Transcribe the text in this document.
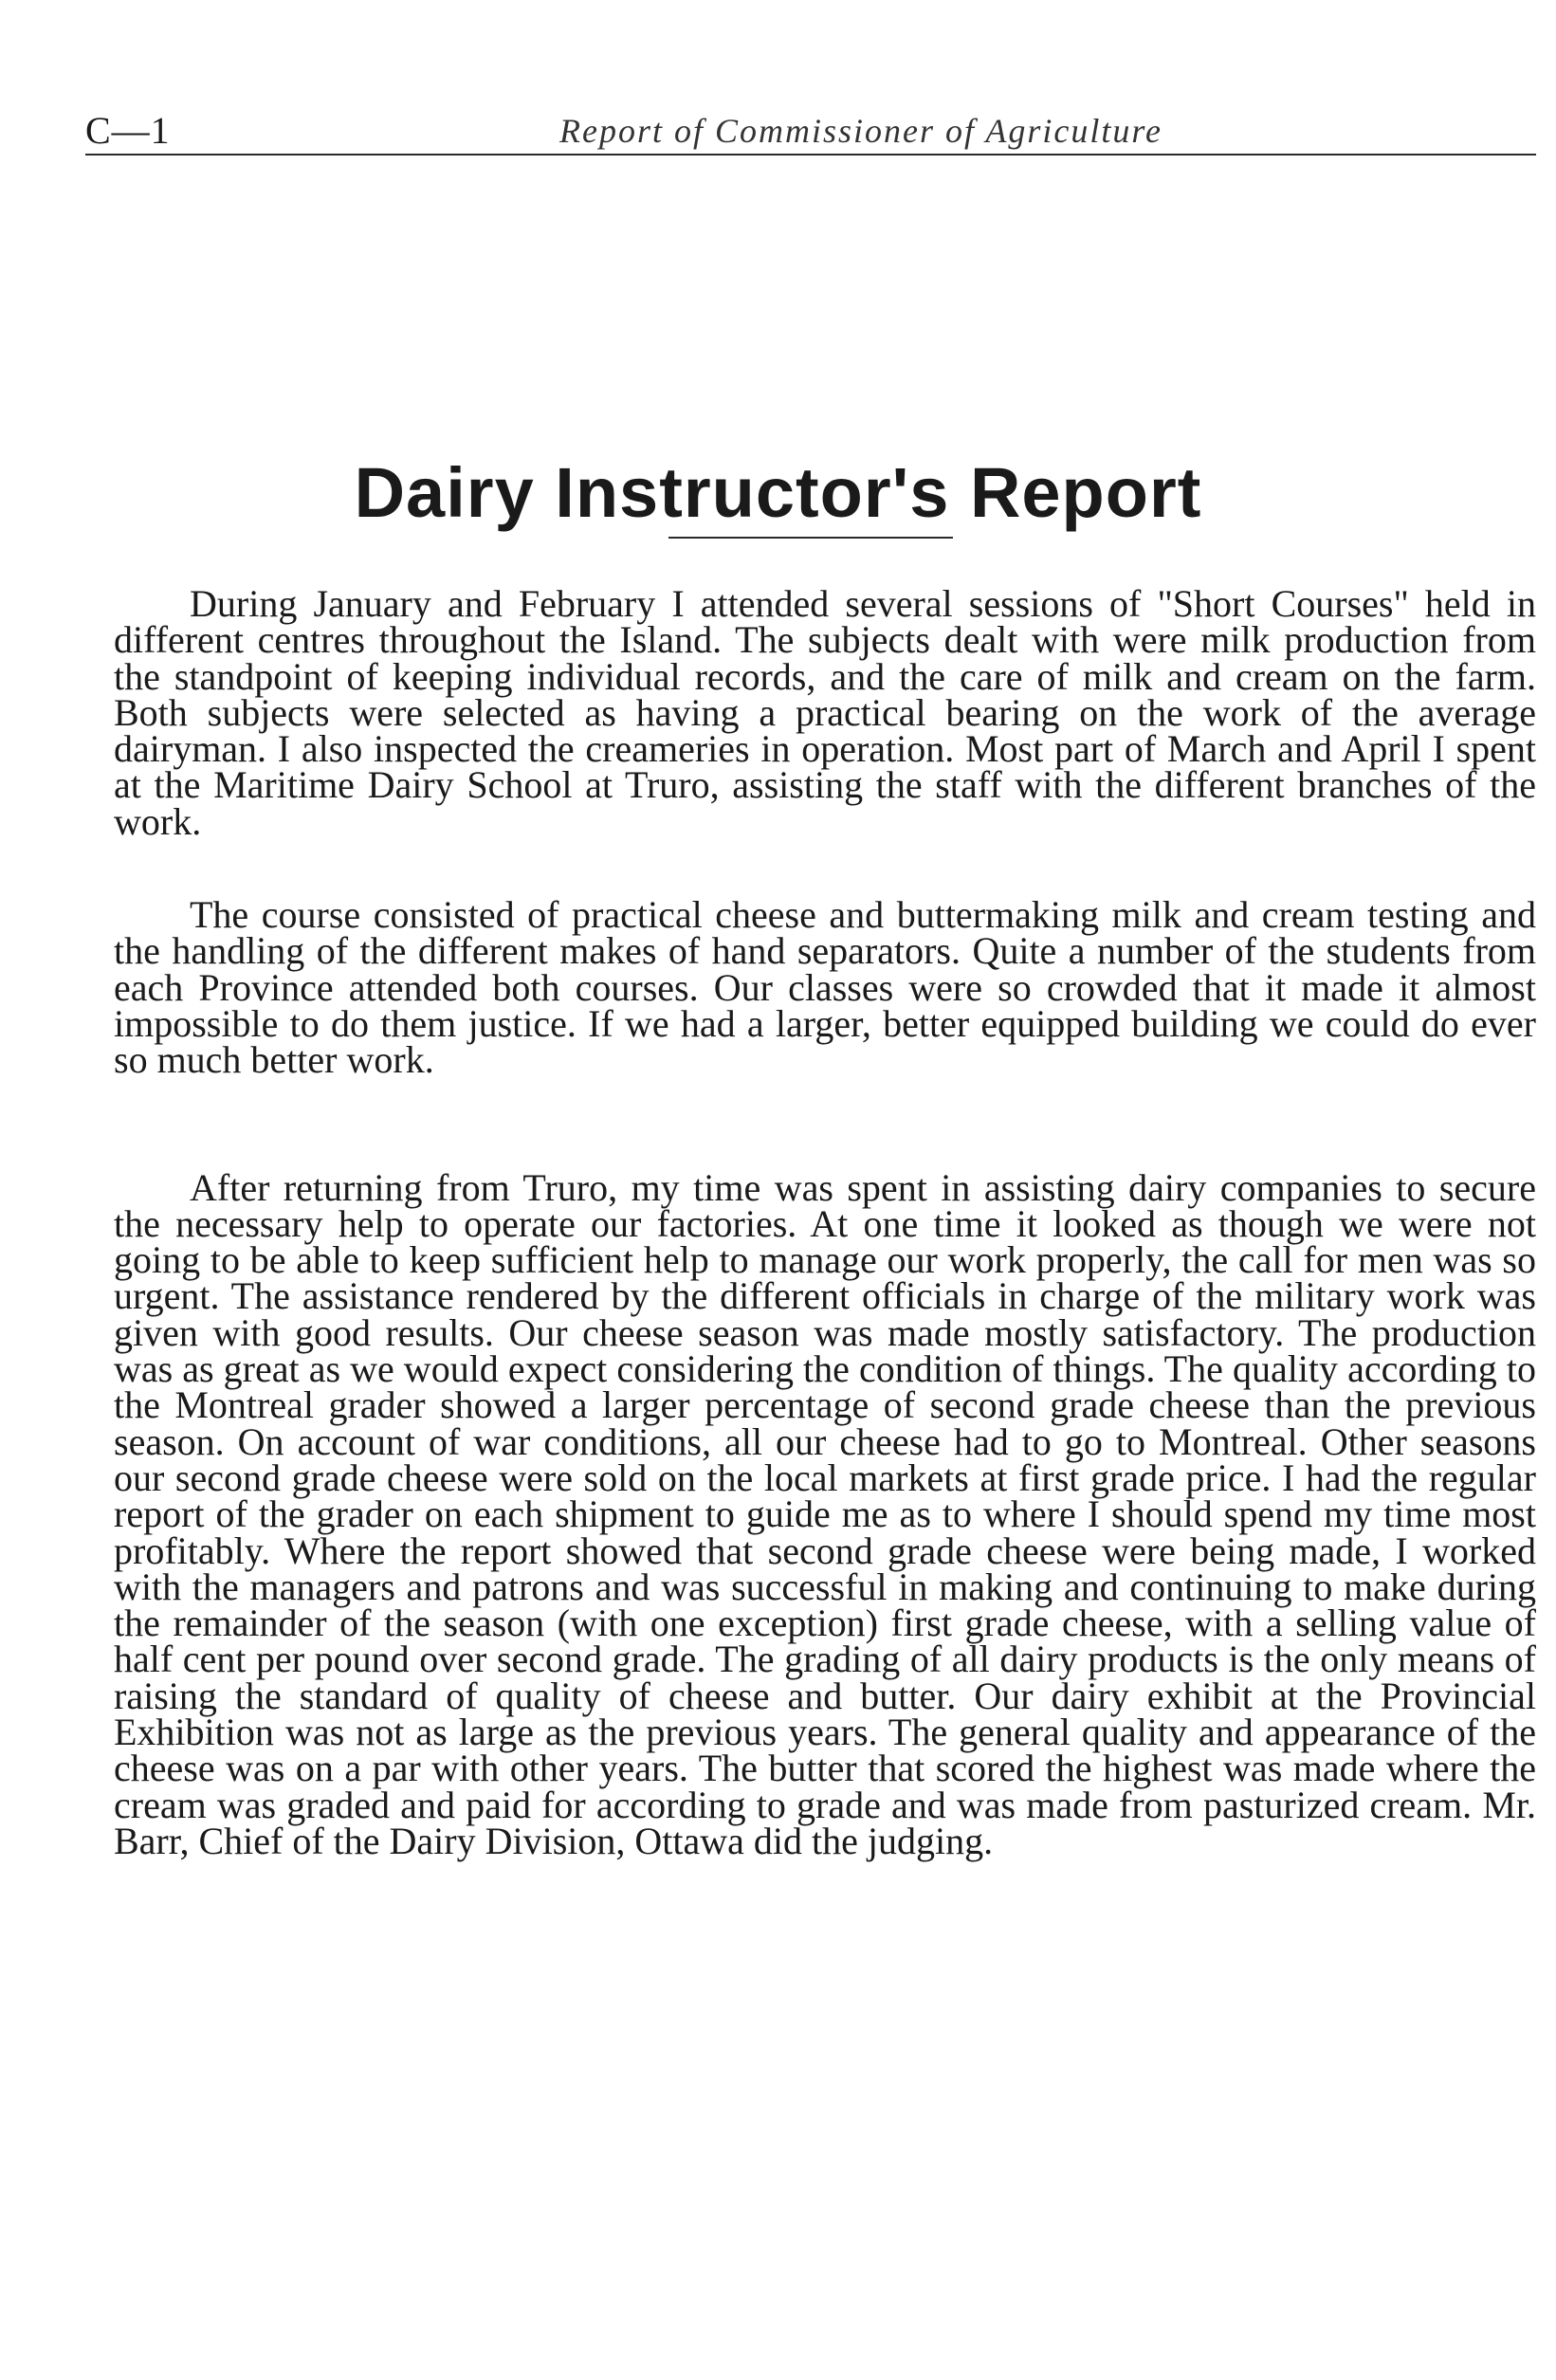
C—1	Report of Commissioner of Agriculture
Dairy Instructor's Report

During January and February I attended several sessions of "Short Courses" held in different centres throughout the Island. The subjects dealt with were milk production from the standpoint of keeping individual records, and the care of milk and cream on the farm. Both subjects were selected as having a practical bearing on the work of the average dairyman. I also inspected the creameries in operation. Most part of March and April I spent at the Maritime Dairy School at Truro, assisting the staff with the different branches of the work.

The course consisted of practical cheese and buttermaking milk and cream testing and the handling of the different makes of hand separators. Quite a number of the students from each Province attended both courses. Our classes were so crowded that it made it almost impossible to do them justice. If we had a larger, better equipped building we could do ever so much better work.

After returning from Truro, my time was spent in assisting dairy companies to secure the necessary help to operate our factories. At one time it looked as though we were not going to be able to keep sufficient help to manage our work properly, the call for men was so urgent. The assistance rendered by the different officials in charge of the military work was given with good results. Our cheese season was made mostly satisfactory. The production was as great as we would expect considering the condition of things. The quality according to the Montreal grader showed a larger percentage of second grade cheese than the previous season. On account of war conditions, all our cheese had to go to Montreal. Other seasons our second grade cheese were sold on the local markets at first grade price. I had the regular report of the grader on each shipment to guide me as to where I should spend my time most profitably. Where the report showed that second grade cheese were being made, I worked with the managers and patrons and was successful in making and continuing to make during the remainder of the season (with one exception) first grade cheese, with a selling value of half cent per pound over second grade. The grading of all dairy products is the only means of raising the standard of quality of cheese and butter. Our dairy exhibit at the Provincial Exhibition was not as large as the previous years. The general quality and appearance of the cheese was on a par with other years. The butter that scored the highest was made where the cream was graded and paid for according to grade and was made from pasturized cream. Mr. Barr, Chief of the Dairy Division, Ottawa did the judging.
